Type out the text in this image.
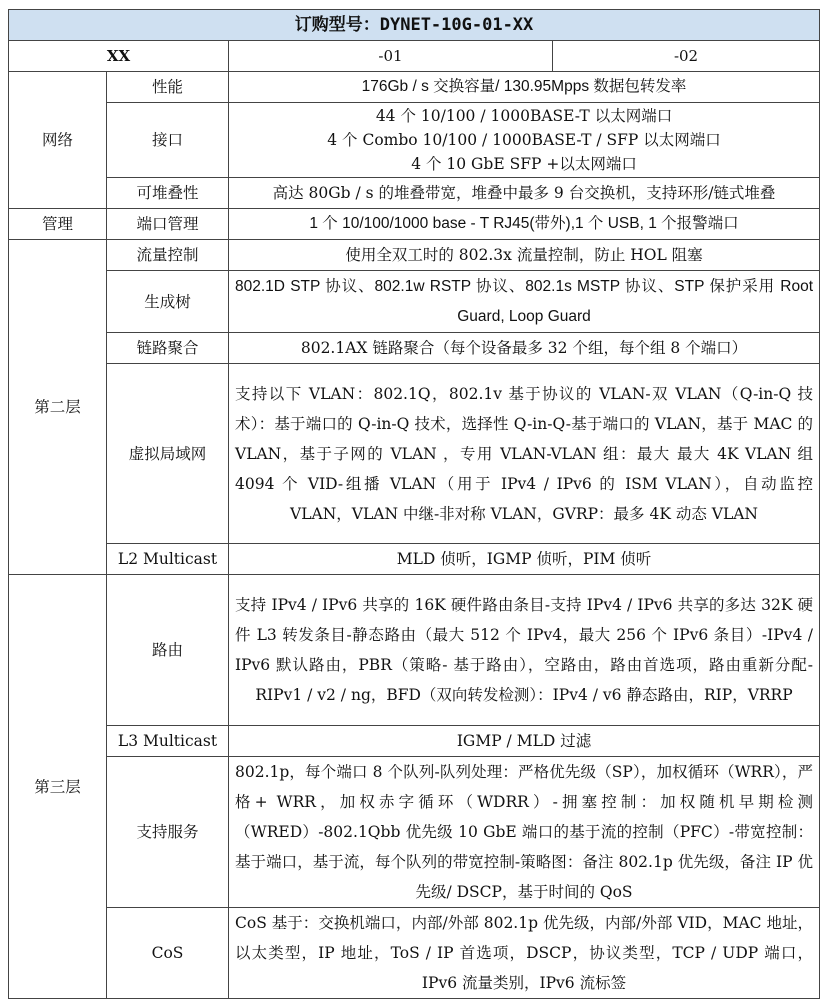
订购型号：DYNET-10G-01-XX			
XX		-01	-02
网络	性能	176Gb / s 交换容量/ 130.95Mpps 数据包转发率	
	接口	44 个 10/100 / 1000BASE-T 以太网端口
4 个 Combo 10/100 / 1000BASE-T / SFP 以太网端口
4 个 10 GbE SFP +以太网端口	

	可堆叠性	高达 80Gb / s 的堆叠带宽，堆叠中最多 9 台交换机，支持环形/链式堆叠	
管理	端口管理	1 个 10/100/1000 base - T RJ45(带外),1 个 USB, 1 个报警端口	
第二层	流量控制	使用全双工时的 802.3x 流量控制，防止 HOL 阻塞	
	生成树	802.1D STP 协议、802.1w RSTP 协议、802.1s MSTP 协议、STP 保护采用 Root Guard, Loop Guard	
	链路聚合	802.1AX 链路聚合（每个设备最多 32 个组，每个组 8 个端口）	
	虚拟局域网	支持以下 VLAN：802.1Q，802.1v 基于协议的 VLAN-双 VLAN（Q-in-Q 技术）：基于端口的 Q-in-Q 技术，选择性 Q-in-Q-基于端口的 VLAN，基于 MAC 的 VLAN，基于子网的 VLAN ，专用 VLAN-VLAN 组：最大 最大 4K VLAN 组 4094 个 VID-组播 VLAN（用于 IPv4 / IPv6 的 ISM VLAN），自动监控 VLAN，VLAN 中继-非对称 VLAN，GVRP：最多 4K 动态 VLAN	
	L2 Multicast	MLD 侦听，IGMP 侦听，PIM 侦听	
第三层	路由	支持 IPv4 / IPv6 共享的 16K 硬件路由条目-支持 IPv4 / IPv6 共享的多达 32K 硬件 L3 转发条目-静态路由（最大 512 个 IPv4，最大 256 个 IPv6 条目）-IPv4 / IPv6 默认路由，PBR（策略- 基于路由），空路由，路由首选项，路由重新分配-RIPv1 / v2 / ng，BFD（双向转发检测）：IPv4 / v6 静态路由，RIP，VRRP	
	L3 Multicast	IGMP / MLD 过滤	
	支持服务	802.1p，每个端口 8 个队列-队列处理：严格优先级（SP），加权循环（WRR），严格+ WRR，加权赤字循环（WDRR）-拥塞控制：加权随机早期检测（WRED）-802.1Qbb 优先级 10 GbE 端口的基于流的控制（PFC）-带宽控制：基于端口，基于流，每个队列的带宽控制-策略图：备注 802.1p 优先级，备注 IP 优先级/ DSCP，基于时间的 QoS	
	CoS	CoS 基于：交换机端口，内部/外部 802.1p 优先级，内部/外部 VID，MAC 地址，以太类型，IP 地址，ToS / IP 首选项，DSCP，协议类型，TCP / UDP 端口，IPv6 流量类别，IPv6 流标签	
